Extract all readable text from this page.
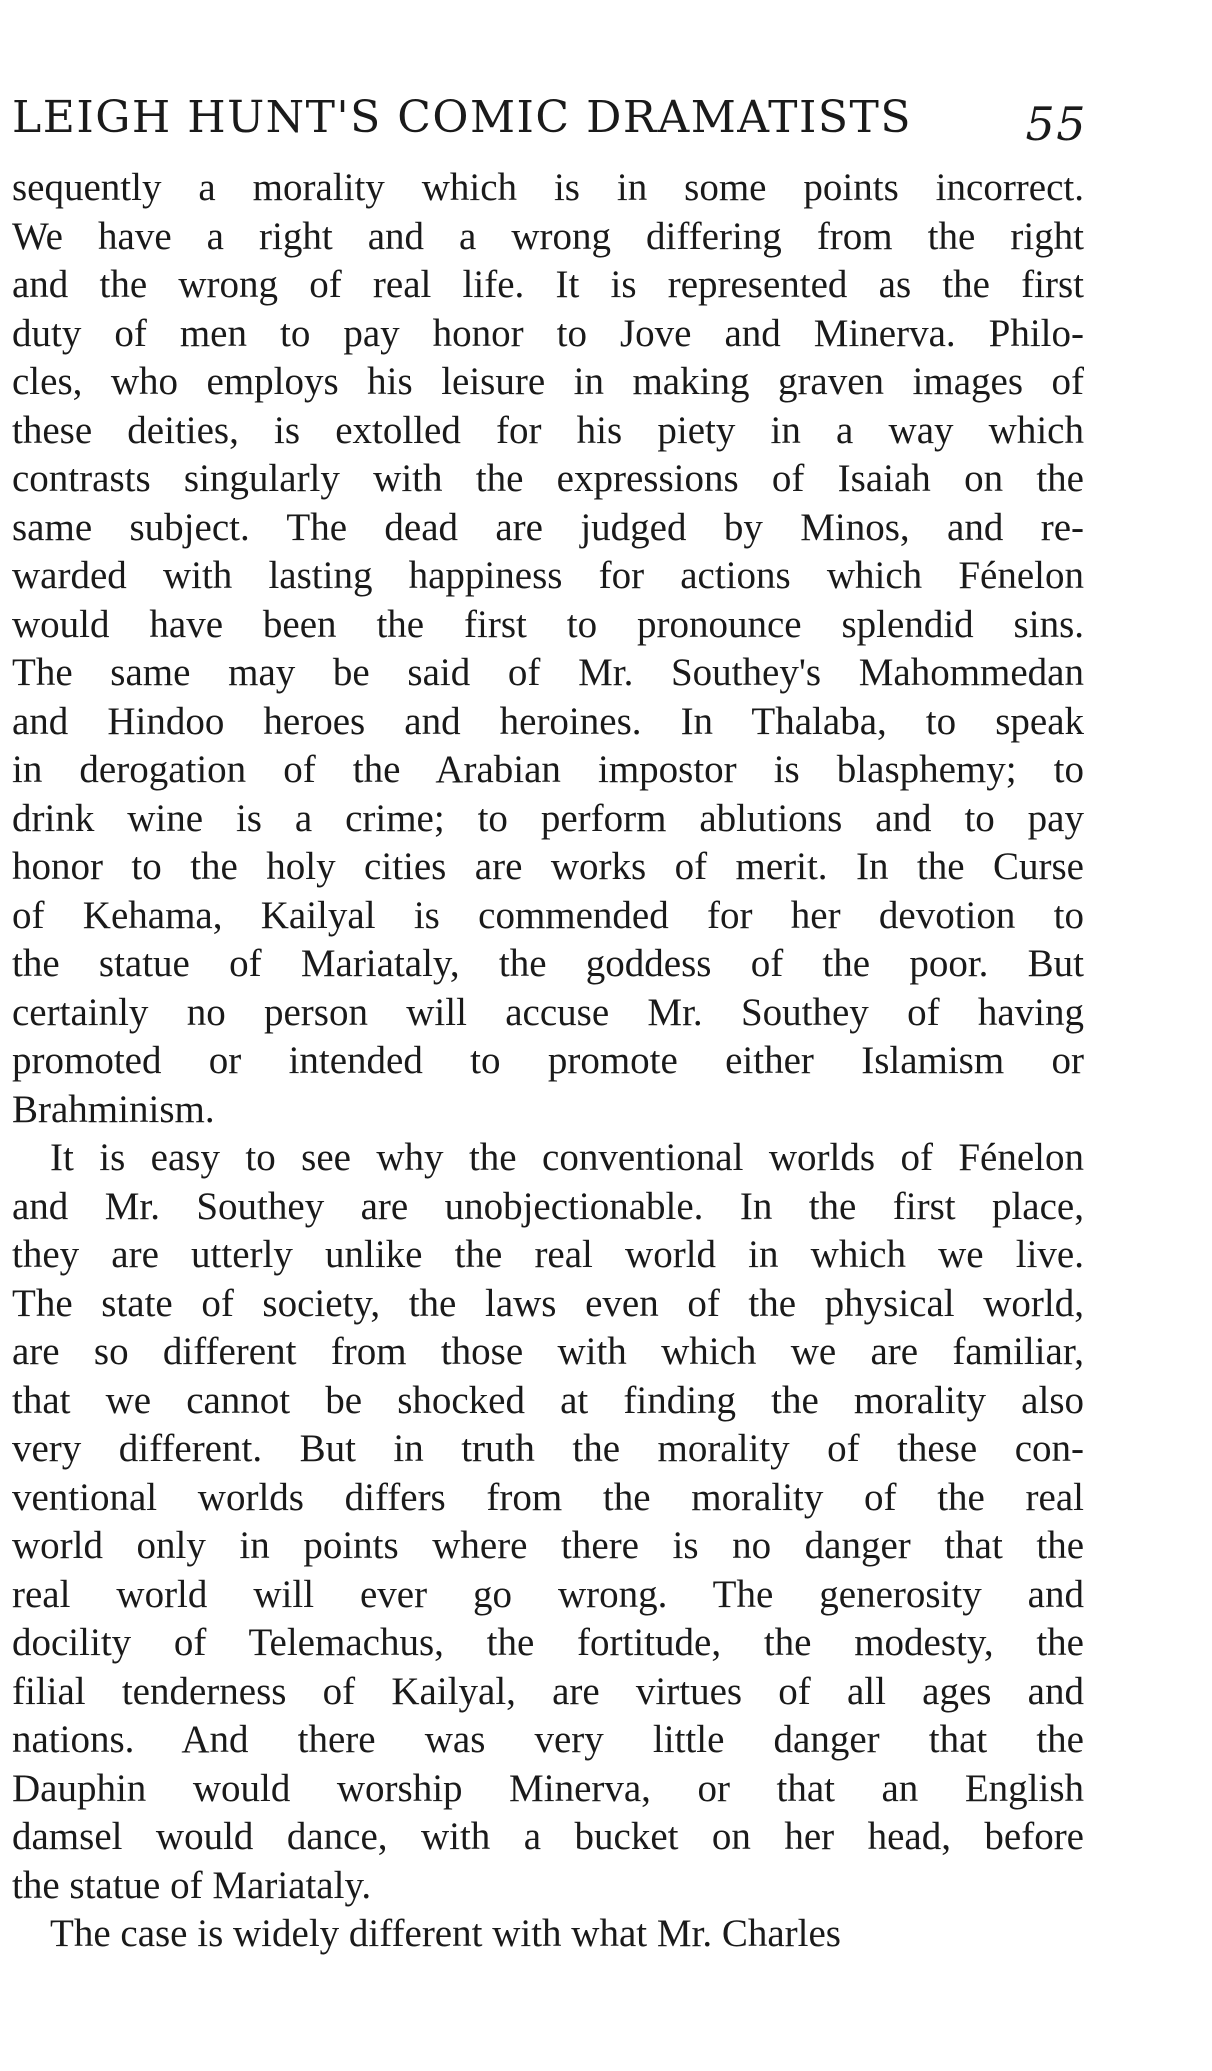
LEIGH HUNT'S COMIC DRAMATISTS 55
sequently a morality which is in some points incorrect.
We have a right and a wrong differing from the right
and the wrong of real life. It is represented as the first
duty of men to pay honor to Jove and Minerva. Philo-
cles, who employs his leisure in making graven images of
these deities, is extolled for his piety in a way which
contrasts singularly with the expressions of Isaiah on the
same subject. The dead are judged by Minos, and re-
warded with lasting happiness for actions which Fénelon
would have been the first to pronounce splendid sins.
The same may be said of Mr. Southey's Mahommedan
and Hindoo heroes and heroines. In Thalaba, to speak
in derogation of the Arabian impostor is blasphemy; to
drink wine is a crime; to perform ablutions and to pay
honor to the holy cities are works of merit. In the Curse
of Kehama, Kailyal is commended for her devotion to
the statue of Mariataly, the goddess of the poor. But
certainly no person will accuse Mr. Southey of having
promoted or intended to promote either Islamism or
Brahminism.
It is easy to see why the conventional worlds of Fénelon
and Mr. Southey are unobjectionable. In the first place,
they are utterly unlike the real world in which we live.
The state of society, the laws even of the physical world,
are so different from those with which we are familiar,
that we cannot be shocked at finding the morality also
very different. But in truth the morality of these con-
ventional worlds differs from the morality of the real
world only in points where there is no danger that the
real world will ever go wrong. The generosity and
docility of Telemachus, the fortitude, the modesty, the
filial tenderness of Kailyal, are virtues of all ages and
nations. And there was very little danger that the
Dauphin would worship Minerva, or that an English
damsel would dance, with a bucket on her head, before
the statue of Mariataly.
The case is widely different with what Mr. Charles
